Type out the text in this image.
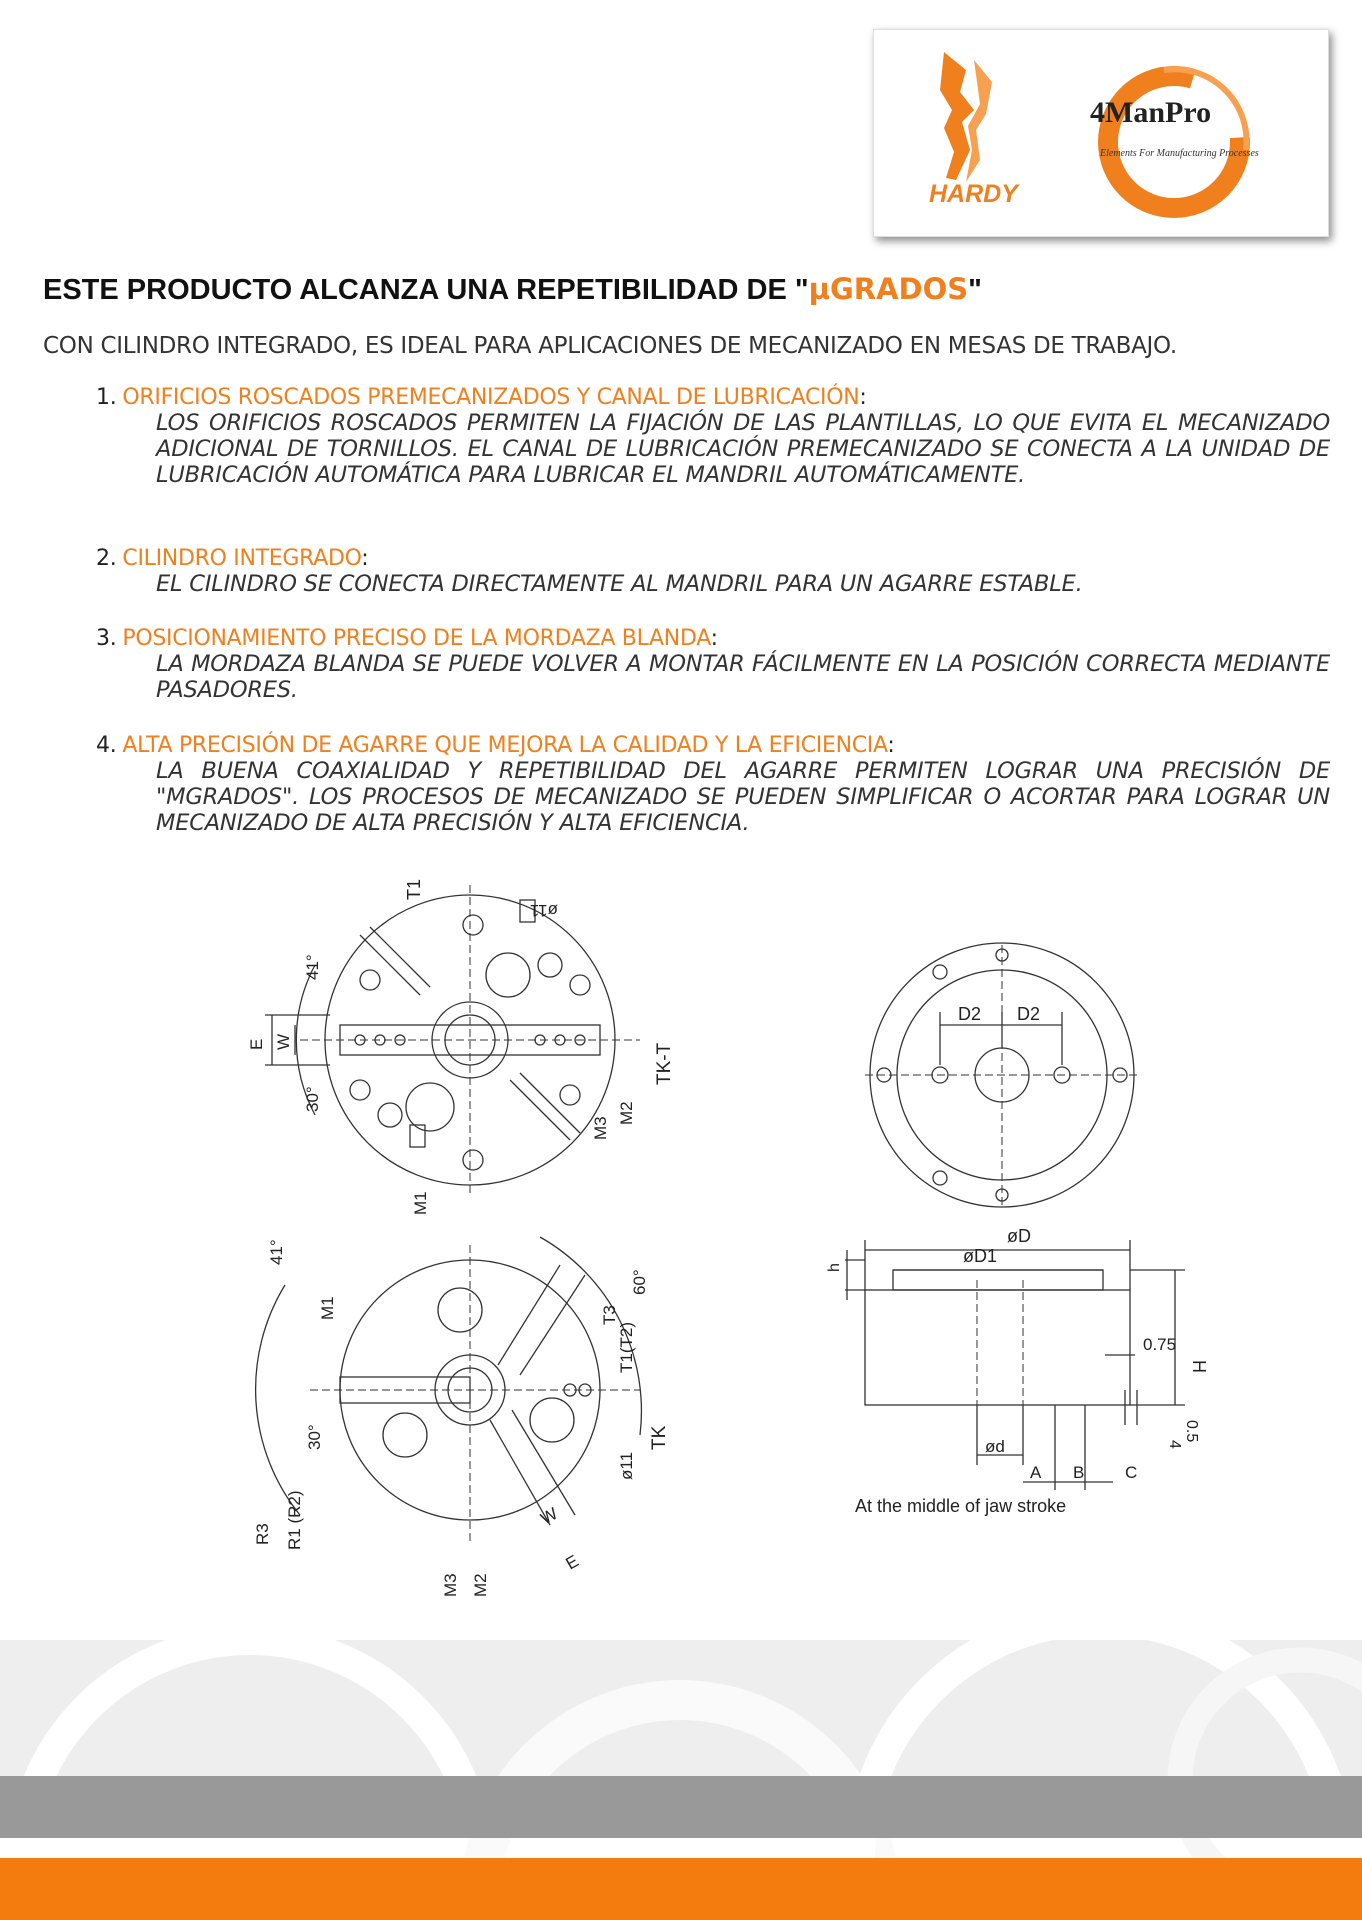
HARDY
4ManPro
Elements For Manufacturing Processes
ESTE PRODUCTO ALCANZA UNA REPETIBILIDAD DE "µGRADOS"

CON CILINDRO INTEGRADO, ES IDEAL PARA APLICACIONES DE MECANIZADO EN MESAS DE TRABAJO.

1. ORIFICIOS ROSCADOS PREMECANIZADOS Y CANAL DE LUBRICACIÓN:

LOS ORIFICIOS ROSCADOS PERMITEN LA FIJACIÓN DE LAS PLANTILLAS, LO QUE EVITA EL MECANIZADO ADICIONAL DE TORNILLOS. EL CANAL DE LUBRICACIÓN PREMECANIZADO SE CONECTA A LA UNIDAD DE LUBRICACIÓN AUTOMÁTICA PARA LUBRICAR EL MANDRIL AUTOMÁTICAMENTE.

2. CILINDRO INTEGRADO:

EL CILINDRO SE CONECTA DIRECTAMENTE AL MANDRIL PARA UN AGARRE ESTABLE.

3. POSICIONAMIENTO PRECISO DE LA MORDAZA BLANDA:

LA MORDAZA BLANDA SE PUEDE VOLVER A MONTAR FÁCILMENTE EN LA POSICIÓN CORRECTA MEDIANTE PASADORES.

4. ALTA PRECISIÓN DE AGARRE QUE MEJORA LA CALIDAD Y LA EFICIENCIA:

LA BUENA COAXIALIDAD Y REPETIBILIDAD DEL AGARRE PERMITEN LOGRAR UNA PRECISIÓN DE "ΜGRADOS". LOS PROCESOS DE MECANIZADO SE PUEDEN SIMPLIFICAR O ACORTAR PARA LOGRAR UN MECANIZADO DE ALTA PRECISIÓN Y ALTA EFICIENCIA.

T1
ø11
41°
30°
E W
TK-T
M1
M2
M3
41°
M1
60°
T3
T1(T2)
TK
ø11
30°
R3 R1 (R2)
M3 M2
W
E
D2 D2
øD
øD1
h
H
0.75
0.5
4
ød
A B C
At the middle of jaw stroke
